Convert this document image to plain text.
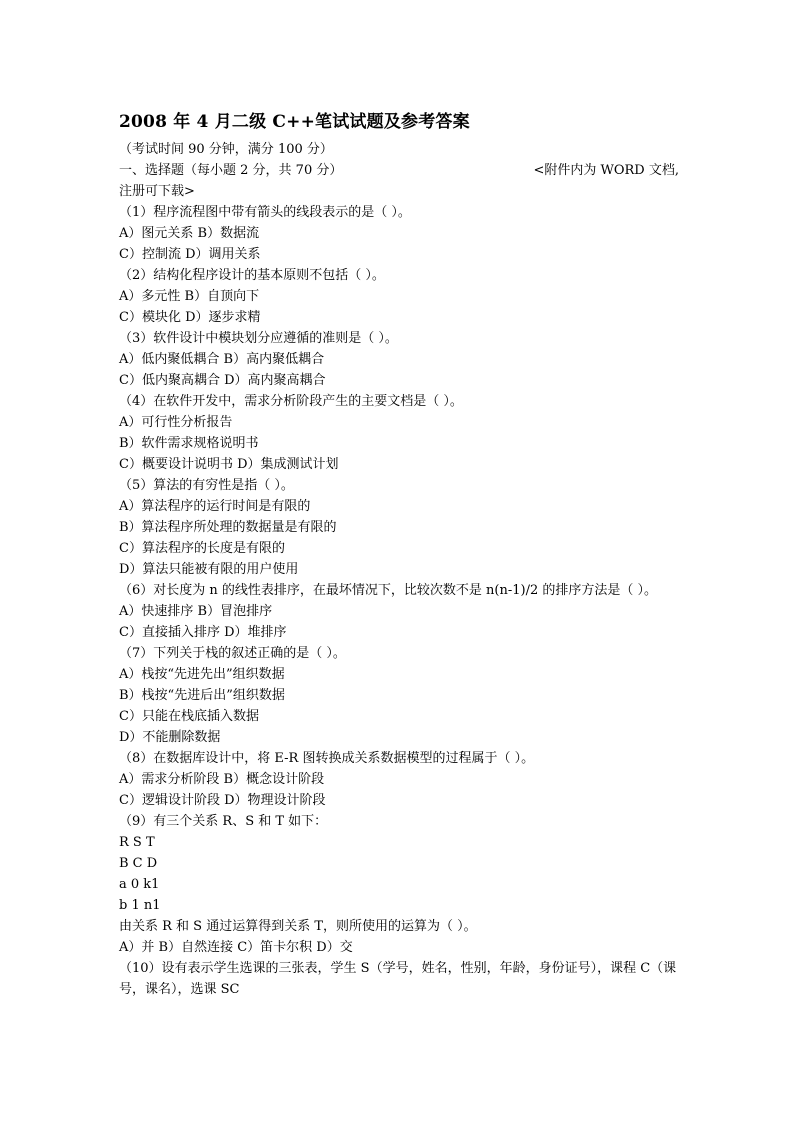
2008 年 4 月二级 C++笔试试题及参考答案
（考试时间 90 分钟，满分 100 分）
一、选择题（每小题 2 分，共 70 分）	<附件内为 WORD 文档,
注册可下载>
（1）程序流程图中带有箭头的线段表示的是（ ）。
A）图元关系 B）数据流
C）控制流 D）调用关系
（2）结构化程序设计的基本原则不包括（ ）。
A）多元性 B）自顶向下
C）模块化 D）逐步求精
（3）软件设计中模块划分应遵循的准则是（ ）。
A）低内聚低耦合 B）高内聚低耦合
C）低内聚高耦合 D）高内聚高耦合
（4）在软件开发中，需求分析阶段产生的主要文档是（ ）。
A）可行性分析报告
B）软件需求规格说明书
C）概要设计说明书 D）集成测试计划
（5）算法的有穷性是指（ ）。
A）算法程序的运行时间是有限的
B）算法程序所处理的数据量是有限的
C）算法程序的长度是有限的
D）算法只能被有限的用户使用
（6）对长度为 n 的线性表排序，在最坏情况下，比较次数不是 n(n-1)/2 的排序方法是（ ）。
A）快速排序 B）冒泡排序
C）直接插入排序 D）堆排序
（7）下列关于栈的叙述正确的是（ ）。
A）栈按“先进先出”组织数据
B）栈按“先进后出”组织数据
C）只能在栈底插入数据
D）不能删除数据
（8）在数据库设计中，将 E-R 图转换成关系数据模型的过程属于（ ）。
A）需求分析阶段 B）概念设计阶段
C）逻辑设计阶段 D）物理设计阶段
（9）有三个关系 R、S 和 T 如下：
R S T
B C D
a 0 k1
b 1 n1
由关系 R 和 S 通过运算得到关系 T，则所使用的运算为（ ）。
A）并 B）自然连接 C）笛卡尔积 D）交
（10）设有表示学生选课的三张表，学生 S（学号，姓名，性别，年龄，身份证号），课程 C（课号，课名），选课 SC
